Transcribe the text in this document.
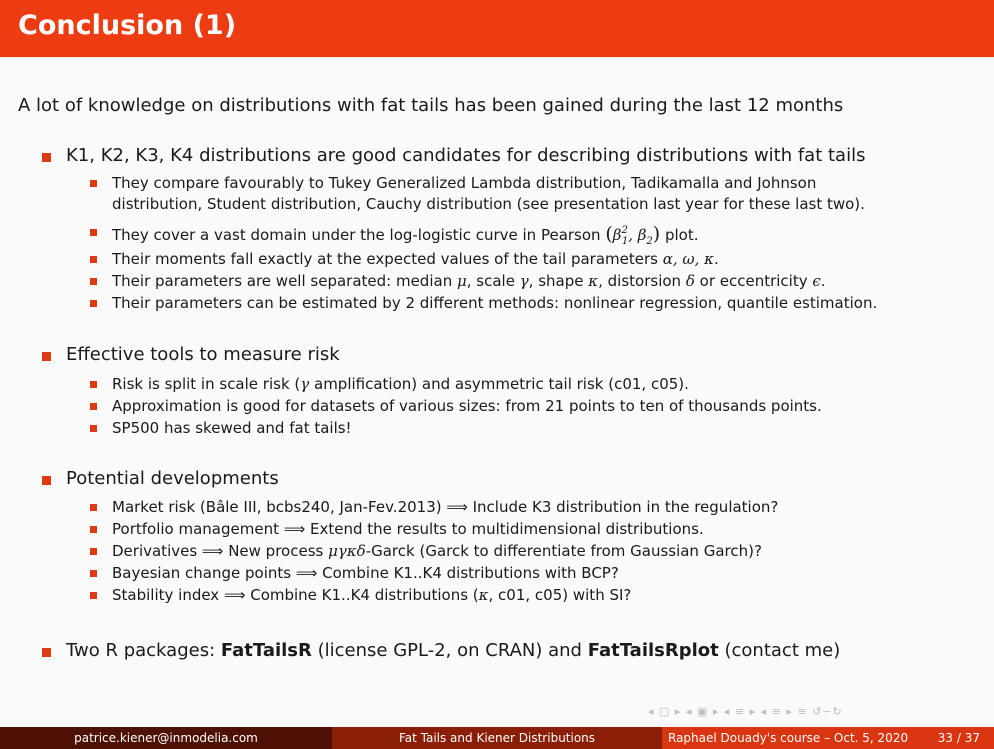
Conclusion (1)
A lot of knowledge on distributions with fat tails has been gained during the last 12 months
K1, K2, K3, K4 distributions are good candidates for describing distributions with fat tails
They compare favourably to Tukey Generalized Lambda distribution, Tadikamalla and Johnson
distribution, Student distribution, Cauchy distribution (see presentation last year for these last two).
They cover a vast domain under the log-logistic curve in Pearson ($\beta^2_1$, $\beta_2$) plot.
Their moments fall exactly at the expected values of the tail parameters α, ω, κ.
Their parameters are well separated: median μ, scale γ, shape κ, distorsion δ or eccentricity ϵ.
Their parameters can be estimated by 2 different methods: nonlinear regression, quantile estimation.
Effective tools to measure risk
Risk is split in scale risk (γ amplification) and asymmetric tail risk (c01, c05).
Approximation is good for datasets of various sizes: from 21 points to ten of thousands points.
SP500 has skewed and fat tails!
Potential developments
Market risk (Bâle III, bcbs240, Jan-Fev.2013) ⟹ Include K3 distribution in the regulation?
Portfolio management ⟹ Extend the results to multidimensional distributions.
Derivatives ⟹ New process μγκδ-Garck (Garck to differentiate from Gaussian Garch)?
Bayesian change points ⟹ Combine K1..K4 distributions with BCP?
Stability index ⟹ Combine K1..K4 distributions (κ, c01, c05) with SI?
Two R packages: FatTailsR (license GPL-2, on CRAN) and FatTailsRplot (contact me)
◂ ▢ ▸ ◂ ▣ ▸ ◂ ≡ ▸ ◂ ≡ ▸ ≡ ↺∽↻
patrice.kiener@inmodelia.com	Fat Tails and Kiener Distributions	Raphael Douady's course – Oct. 5, 2020 33 / 37
